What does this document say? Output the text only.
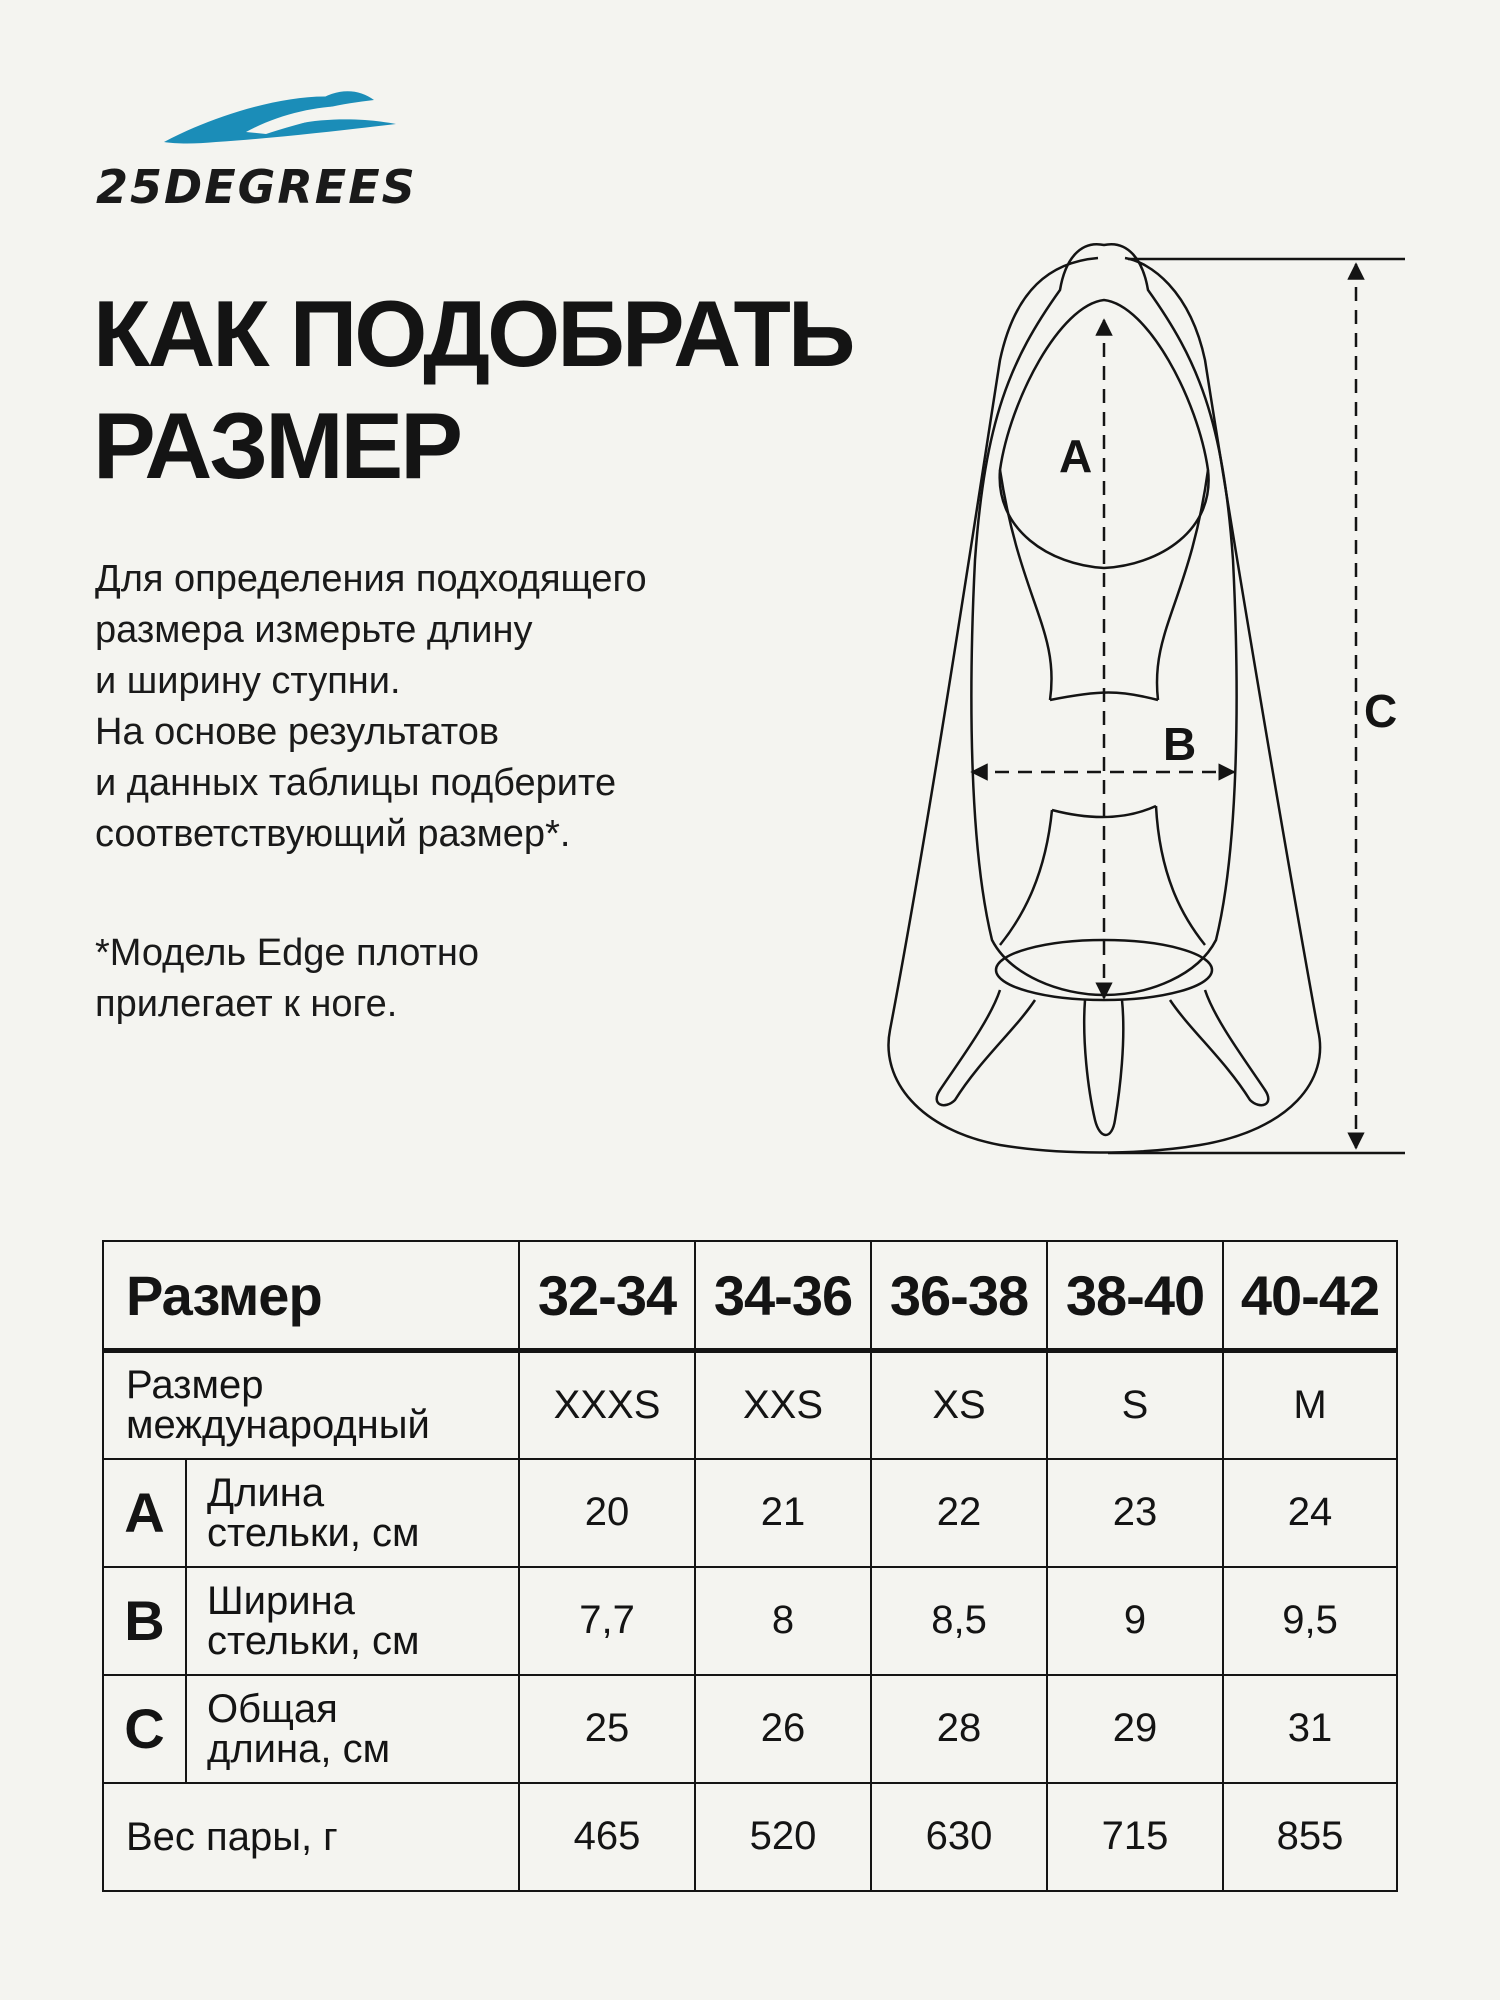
25DEGREES
КАК ПОДОБРАТЬ
РАЗМЕР
Для определения подходящего
размера измерьте длину
и ширину ступни.
На основе результатов
и данных таблицы подберите
соответствующий размер*.
*Модель Edge плотно
прилегает к ноге.
A
B
C
Размер		32-34	34-36	36-38	38-40	40-42

Размер
международный		XXXS	XXS	XS	S	M
A	Длина
стельки, см	20	21	22	23	24
B	Ширина
стельки, см	7,7	8	8,5	9	9,5
C	Общая
длина, см	25	26	28	29	31
Вес пары, г		465	520	630	715	855
